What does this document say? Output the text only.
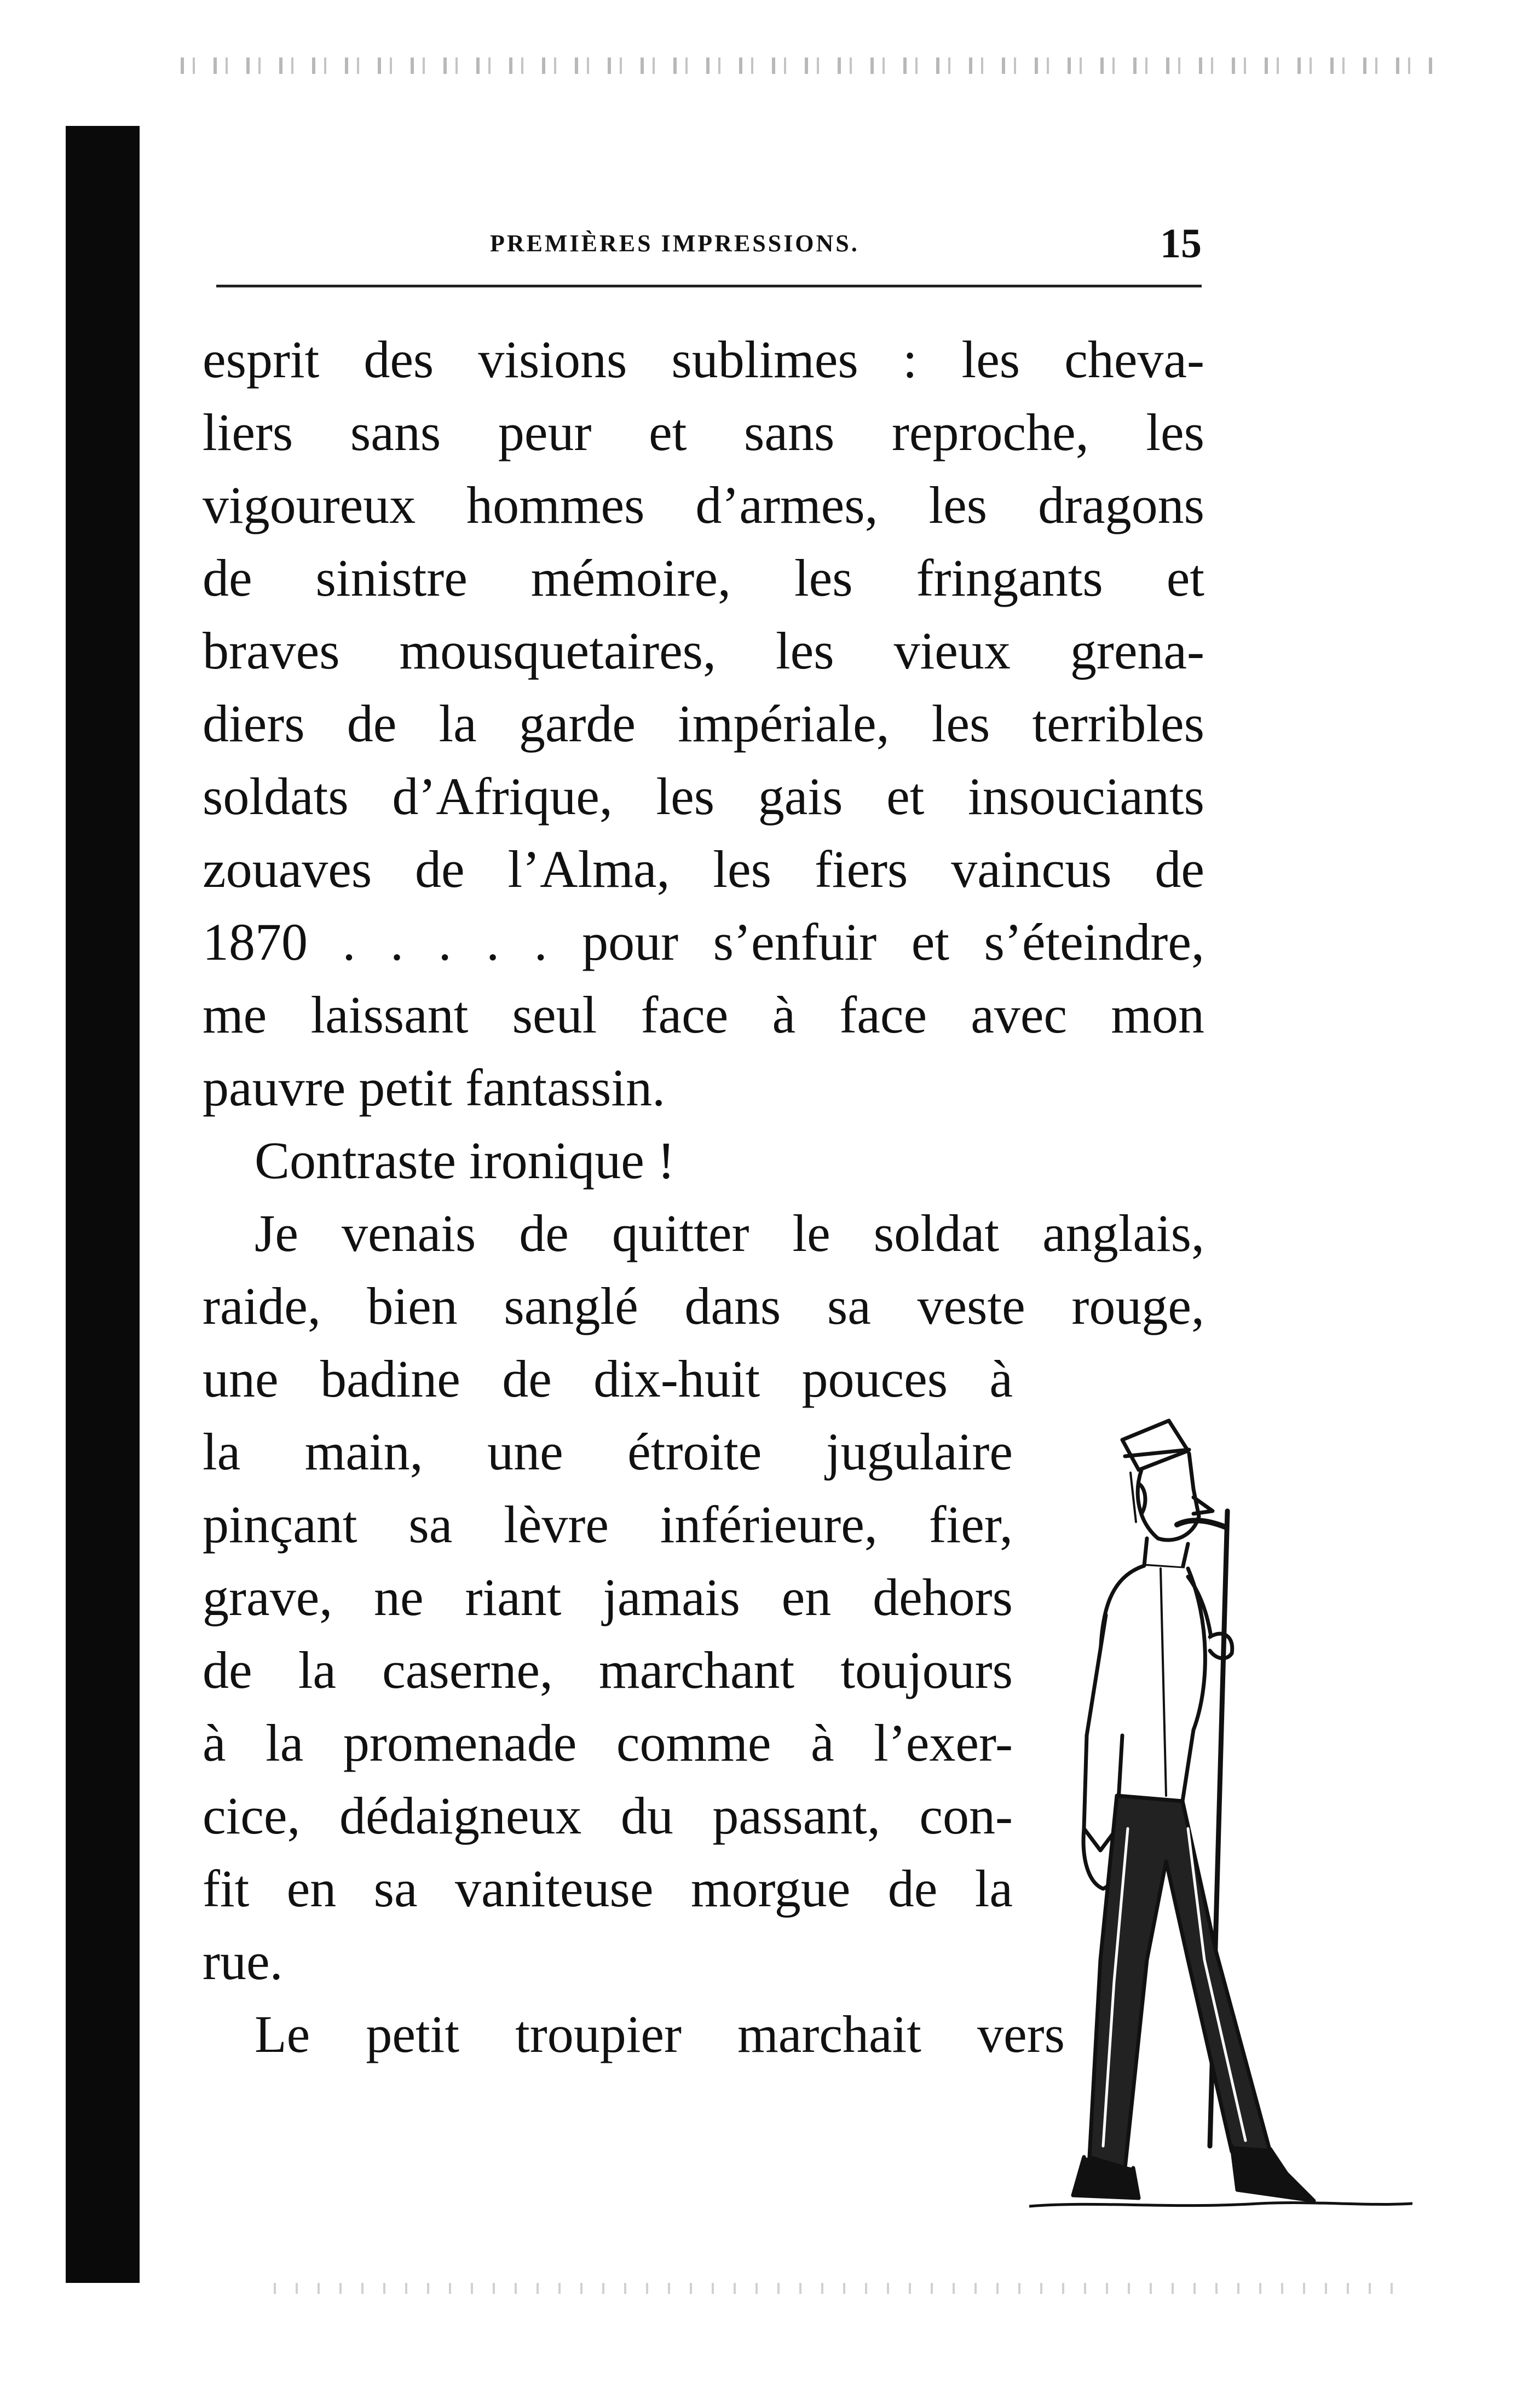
PREMIÈRES IMPRESSIONS.	15
esprit des visions sublimes : les cheva-
liers sans peur et sans reproche, les
vigoureux hommes d’armes, les dragons
de sinistre mémoire, les fringants et
braves mousquetaires, les vieux grena-
diers de la garde impériale, les terribles
soldats d’Afrique, les gais et insouciants
zouaves de l’Alma, les fiers vaincus de
1870 . . . . . pour s’enfuir et s’éteindre,
me laissant seul face à face avec mon
pauvre petit fantassin.
Contraste ironique !
Je venais de quitter le soldat anglais,
raide, bien sanglé dans sa veste rouge,
une badine de dix-huit pouces à
la main, une étroite jugulaire
pinçant sa lèvre inférieure, fier,
grave, ne riant jamais en dehors
de la caserne, marchant toujours
à la promenade comme à l’exer-
cice, dédaigneux du passant, con-
fit en sa vaniteuse morgue de la
rue.
Le petit troupier marchait vers
